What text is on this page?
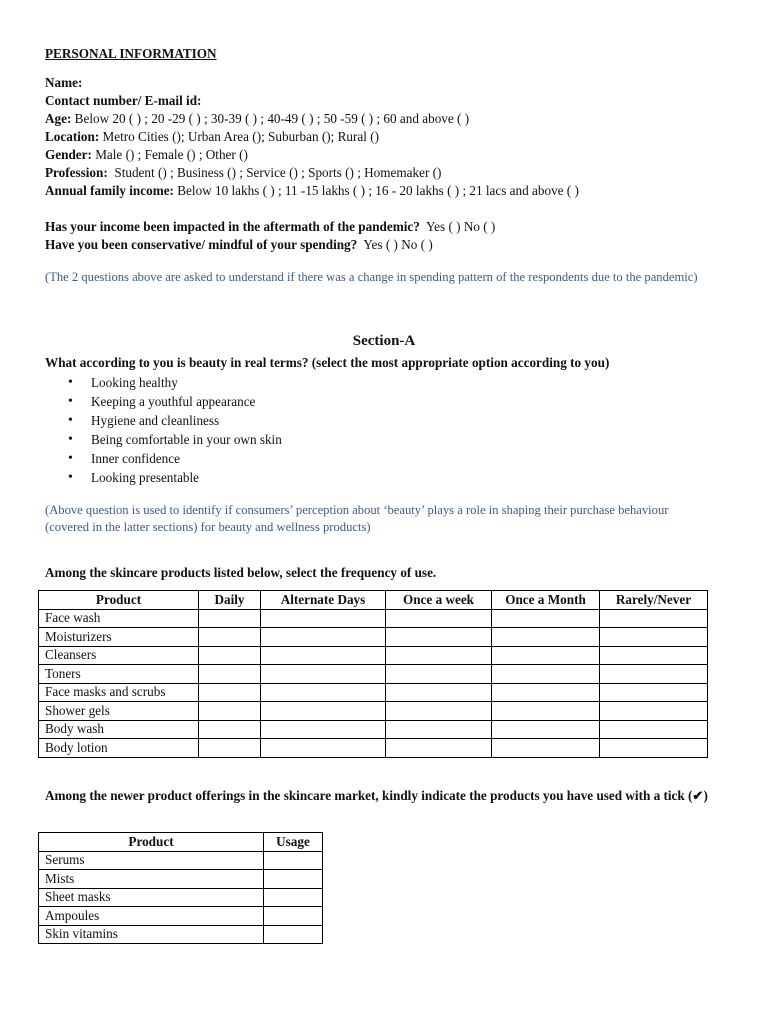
PERSONAL INFORMATION
Name:
Contact number/ E-mail id:
Age: Below 20 ( ) ; 20 -29 ( ) ; 30-39 ( ) ; 40-49 ( ) ; 50 -59 ( ) ; 60 and above ( )
Location: Metro Cities (); Urban Area (); Suburban (); Rural ()
Gender: Male () ; Female () ; Other ()
Profession: Student () ; Business () ; Service () ; Sports () ; Homemaker ()
Annual family income: Below 10 lakhs ( ) ; 11 -15 lakhs ( ) ; 16 - 20 lakhs ( ) ; 21 lacs and above ( )
Has your income been impacted in the aftermath of the pandemic? Yes ( ) No ( )
Have you been conservative/ mindful of your spending? Yes ( ) No ( )
(The 2 questions above are asked to understand if there was a change in spending pattern of the respondents due to the pandemic)
Section-A
What according to you is beauty in real terms? (select the most appropriate option according to you)
• Looking healthy
• Keeping a youthful appearance
• Hygiene and cleanliness
• Being comfortable in your own skin
• Inner confidence
• Looking presentable
(Above question is used to identify if consumers’ perception about ‘beauty’ plays a role in shaping their purchase behaviour (covered in the latter sections) for beauty and wellness products)
Among the skincare products listed below, select the frequency of use.
Product	Daily	Alternate Days	Once a week	Once a Month	Rarely/Never
Face wash					
Moisturizers					
Cleansers					
Toners					
Face masks and scrubs					
Shower gels					
Body wash					
Body lotion					
Among the newer product offerings in the skincare market, kindly indicate the products you have used with a tick (✔)
Product	Usage
Serums	
Mists	
Sheet masks	
Ampoules	
Skin vitamins	
